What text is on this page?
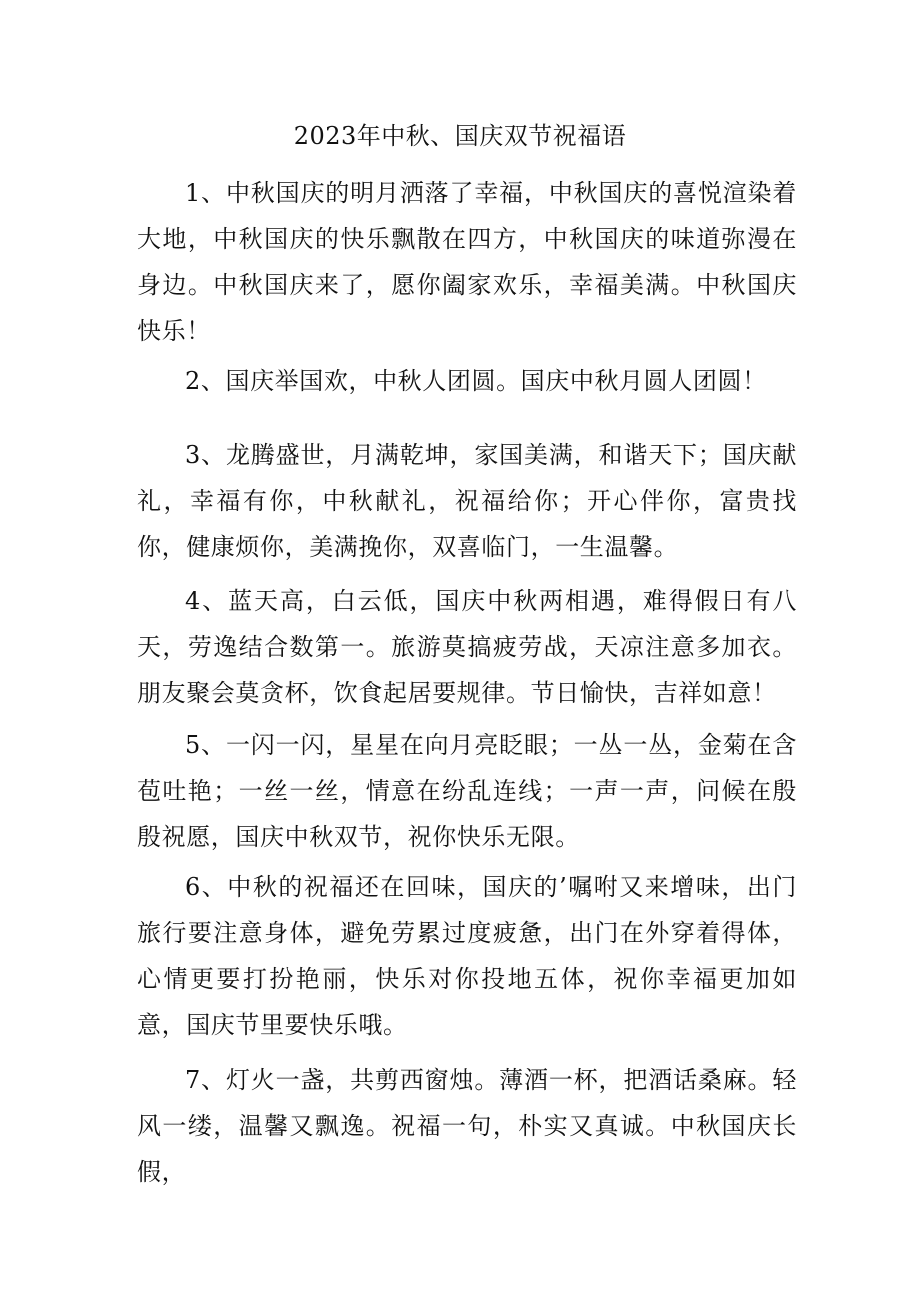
2023年中秋、国庆双节祝福语

1、中秋国庆的明月洒落了幸福，中秋国庆的喜悦渲染着大地，中秋国庆的快乐飘散在四方，中秋国庆的味道弥漫在身边。中秋国庆来了，愿你阖家欢乐，幸福美满。中秋国庆快乐！

2、国庆举国欢，中秋人团圆。国庆中秋月圆人团圆！

3、龙腾盛世，月满乾坤，家国美满，和谐天下；国庆献礼，幸福有你，中秋献礼，祝福给你；开心伴你，富贵找你，健康烦你，美满挽你，双喜临门，一生温馨。

4、蓝天高，白云低，国庆中秋两相遇，难得假日有八天，劳逸结合数第一。旅游莫搞疲劳战，天凉注意多加衣。朋友聚会莫贪杯，饮食起居要规律。节日愉快，吉祥如意！

5、一闪一闪，星星在向月亮眨眼；一丛一丛，金菊在含苞吐艳；一丝一丝，情意在纷乱连线；一声一声，问候在殷殷祝愿，国庆中秋双节，祝你快乐无限。

6、中秋的祝福还在回味，国庆的’嘱咐又来增味，出门旅行要注意身体，避免劳累过度疲惫，出门在外穿着得体，心情更要打扮艳丽，快乐对你投地五体，祝你幸福更加如意，国庆节里要快乐哦。

7、灯火一盏，共剪西窗烛。薄酒一杯，把酒话桑麻。轻风一缕，温馨又飘逸。祝福一句，朴实又真诚。中秋国庆长假，
